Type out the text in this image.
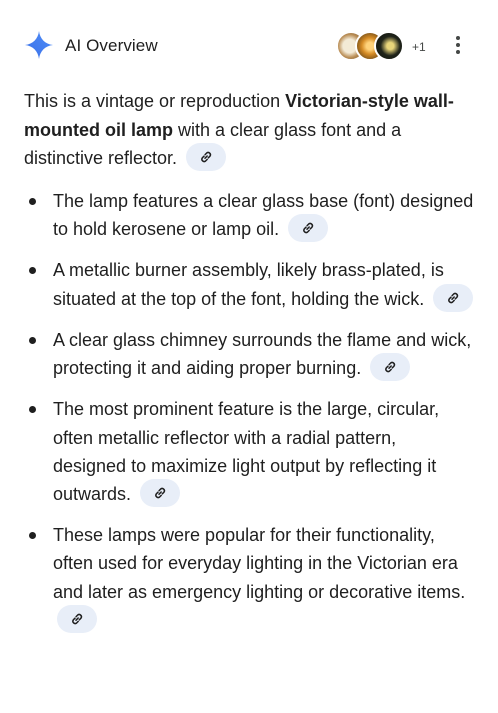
AI Overview	+1
This is a vintage or reproduction Victorian-style wall-mounted oil lamp with a clear glass font and a distinctive reflector.
The lamp features a clear glass base (font) designed to hold kerosene or lamp oil.
A metallic burner assembly, likely brass-plated, is situated at the top of the font, holding the wick.
A clear glass chimney surrounds the flame and wick, protecting it and aiding proper burning.
The most prominent feature is the large, circular, often metallic reflector with a radial pattern, designed to maximize light output by reflecting it outwards.
These lamps were popular for their functionality, often used for everyday lighting in the Victorian era and later as emergency lighting or decorative items.
